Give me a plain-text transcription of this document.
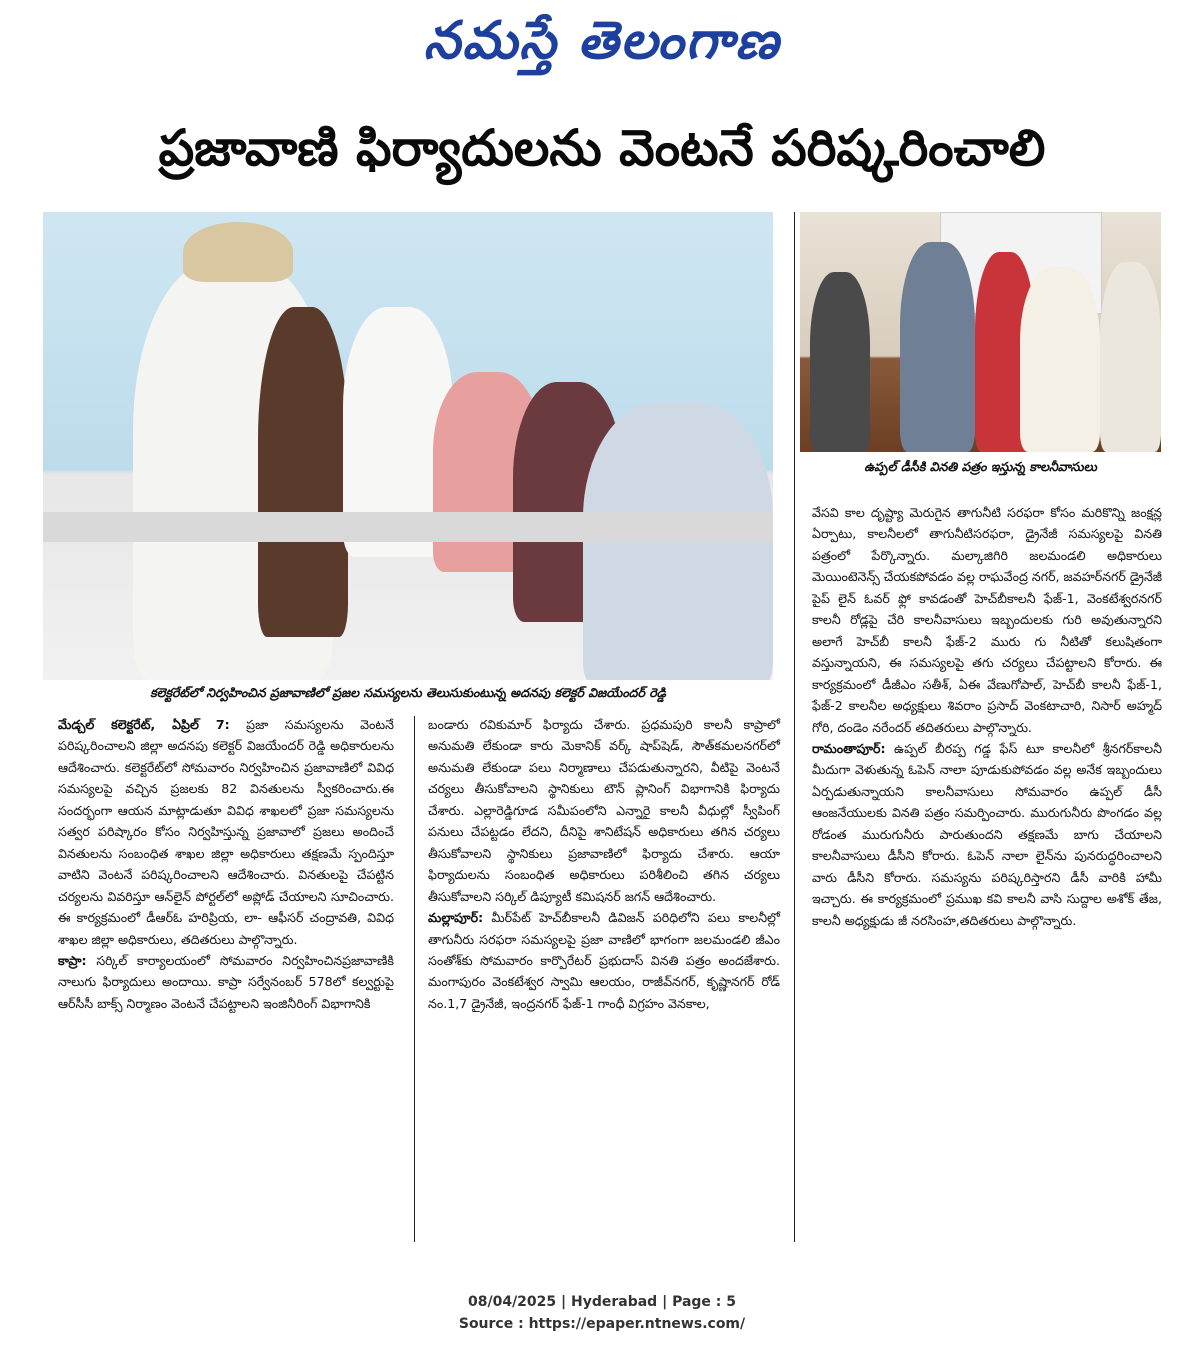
నమస్తే తెలంగాణ
ప్రజావాణి ఫిర్యాదులను వెంటనే పరిష్కరించాలి
కలెక్టరేట్‌లో నిర్వహించిన ప్రజావాణిలో ప్రజల సమస్యలను తెలుసుకుంటున్న అదనపు కలెక్టర్‌ విజయేందర్‌ రెడ్డి
ఉప్పల్‌ డీసీకి వినతి పత్రం ఇస్తున్న కాలనీవాసులు

మేడ్చల్‌ కలెక్టరేట్‌, ఏప్రిల్‌ 7: ప్రజా సమస్యలను వెంటనే పరిష్కరించాలని జిల్లా అదనపు కలెక్టర్‌ విజయేందర్‌ రెడ్డి అధికారులను ఆదేశించారు. కలెక్టరేట్‌లో సోమవారం నిర్వహించిన ప్రజావాణిలో వివిధ సమస్యలపై వచ్చిన ప్రజలకు 82 వినతులను స్వీకరించారు.ఈ సందర్భంగా ఆయన మాట్లాడుతూ వివిధ శాఖలలో ప్రజా సమస్యలను సత్వర పరిష్కారం కోసం నిర్వహిస్తున్న ప్రజావాలో ప్రజలు అందించే వినతులను సంబంధిత శాఖల జిల్లా అధికారులు తక్షణమే స్పందిస్తూ వాటిని వెంటనే పరిష్కరించాలని ఆదేశించారు. వినతులపై చేపట్టిన చర్యలను వివరిస్తూ ఆన్‌లైన్‌ పోర్టల్‌లో అప్లోడ్‌ చేయాలని సూచించారు. ఈ కార్యక్రమంలో డీఆర్‌ఓ హరిప్రియ, లా- ఆఫీసర్‌ చంద్రావతి, వివిధ శాఖల జిల్లా అధికారులు, తదితరులు పాల్గొన్నారు.

కాప్రా: సర్కిల్‌ కార్యాలయంలో సోమవారం నిర్వహించినప్రజావాణికి నాలుగు ఫిర్యాదులు అందాయి. కాప్రా సర్వేనంబర్‌ 578లో కల్వర్టుపై ఆర్‌సీసీ బాక్స్‌ నిర్మాణం వెంటనే చేపట్టాలని ఇంజినీరింగ్‌ విభాగానికి

బండారు రవికుమార్‌ ఫిర్యాదు చేశారు. ప్రధమపురి కాలనీ కాప్రాలో అనుమతి లేకుండా కారు మెకానిక్‌ వర్క్‌ షాప్‌షెడ్‌, సౌత్‌కమలనగర్‌లో అనుమతి లేకుండా పలు నిర్మాణాలు చేపడుతున్నారని, వీటిపై వెంటనే చర్యలు తీసుకోవాలని స్థానికులు టౌన్‌ ప్లానింగ్‌ విభాగానికి ఫిర్యాదు చేశారు. ఎల్లారెడ్డిగూడ సమీపంలోని ఎన్నారై కాలనీ వీధుల్లో స్వీపింగ్‌ పనులు చేపట్టడం లేదని, దీనిపై శానిటేషన్‌ అధికారులు తగిన చర్యలు తీసుకోవాలని స్థానికులు ప్రజావాణిలో ఫిర్యాదు చేశారు. ఆయా ఫిర్యాదులను సంబంధిత అధికారులు పరిశీలించి తగిన చర్యలు తీసుకోవాలని సర్కిల్‌ డిప్యూటీ కమిషనర్‌ జగన్‌ ఆదేశించారు.

మల్లాపూర్‌: మీర్‌పేట్‌ హెచ్‌బీకాలనీ డివిజన్‌ పరిధిలోని పలు కాలనీల్లో తాగునీరు సరఫరా సమస్యలపై ప్రజా వాణిలో భాగంగా జలమండలి జీఎం సంతోశ్‌కు సోమవారం కార్పొరేటర్‌ ప్రభుదాస్‌ వినతి పత్రం అందజేశారు. మంగాపురం వెంకటేశ్వర స్వామి ఆలయం, రాజీవ్‌నగర్‌, కృష్ణానగర్‌ రోడ్‌ నం.1,7 డ్రైనేజీ, ఇంద్రనగర్‌ ఫేజ్‌-1 గాంధీ విగ్రహం వెనకాల,

వేసవి కాల దృష్ట్యా మెరుగైన తాగునీటి సరఫరా కోసం మరికొన్ని జంక్షన్ల ఏర్పాటు, కాలనీలలో తాగునీటిసరఫరా, డ్రైనేజీ సమస్యలపై వినతి పత్రంలో పేర్కొన్నారు. మల్కాజిగిరి జలమండలి అధికారులు మెయింటెనెన్స్‌ చేయకపోవడం వల్ల రాఘవేంద్ర నగర్‌, జవహర్‌నగర్‌ డ్రైనేజీ పైప్‌ లైన్‌ ఓవర్‌ ఫ్లో కావడంతో హెచ్‌బీకాలనీ ఫేజ్‌-1, వెంకటేశ్వరనగర్‌ కాలనీ రోడ్లపై చేరి కాలనీవాసులు ఇబ్బందులకు గురి అవుతున్నారని అలాగే హెచ్‌బీ కాలనీ ఫేజ్‌-2 మురు గు నీటితో కలుషితంగా వస్తున్నాయని, ఈ సమస్యలపై తగు చర్యలు చేపట్టాలని కోరారు. ఈ కార్యక్రమంలో డీజీఎం సతీశ్‌, ఏఈ వేణుగోపాల్‌, హెచ్‌బీ కాలనీ ఫేజ్‌-1, ఫేజ్‌-2 కాలనీల అధ్యక్షులు శివరాం ప్రసాద్‌ వెంకటాచారి, నిసార్‌ అహ్మద్‌ గోరి, దండెం నరేందర్‌ తదితరులు పాల్గొన్నారు.

రామంతాపూర్‌: ఉప్పల్‌ బీరప్ప గడ్డ ఫేస్‌ టూ కాలనీలో శ్రీనగర్‌కాలనీ మీదుగా వెళుతున్న ఓపెన్‌ నాలా పూడుకుపోవడం వల్ల అనేక ఇబ్బందులు ఏర్పడుతున్నాయని కాలనీవాసులు సోమవారం ఉప్పల్‌ డీసీ ఆంజనేయులకు వినతి పత్రం సమర్పించారు. మురుగునీరు పొంగడం వల్ల రోడంత మురుగునీరు పారుతుందని తక్షణమే బాగు చేయాలని కాలనీవాసులు డీసీని కోరారు. ఓపెన్‌ నాలా లైన్‌ను పునరుద్ధరించాలని వారు డీసీని కోరారు. సమస్యను పరిష్కరిస్తారని డీసీ వారికి హామీ ఇచ్చారు. ఈ కార్యక్రమంలో ప్రముఖ కవి కాలనీ వాసి సుద్దాల అశోక్‌ తేజ, కాలనీ అధ్యక్షుడు జీ నరసింహ,తదితరులు పాల్గొన్నారు.

08/04/2025 | Hyderabad | Page : 5
Source : https://epaper.ntnews.com/
